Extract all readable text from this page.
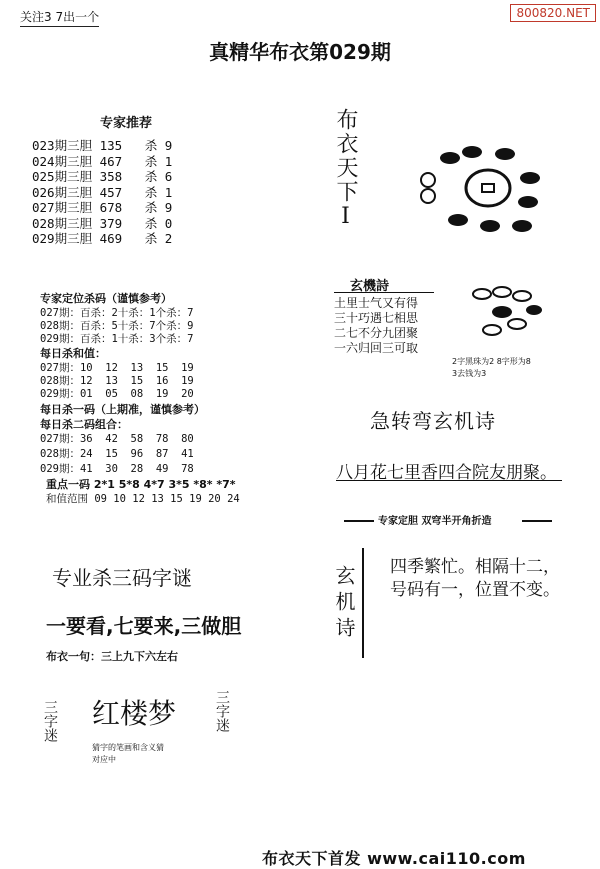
关注3 7出一个	800820.NET
真精华布衣第029期
专家推荐
023期三胆 135   杀 9
024期三胆 467   杀 1
025期三胆 358   杀 6
026期三胆 457   杀 1
027期三胆 678   杀 9
028期三胆 379   杀 0
029期三胆 469   杀 2
专家定位杀码（谨慎参考）
027期：百杀：2十杀：1个杀：7
028期：百杀：5十杀：7个杀：9
029期：百杀：1十杀：3个杀：7
每日杀和值：
027期：10  12  13  15  19
028期：12  13  15  16  19
029期：01  05  08  19  20
每日杀一码（上期准，谨慎参考）
每日杀二码组合：
027期：36  42  58  78  80
028期：24  15  96  87  41
029期：41  30  28  49  78
重点一码 2*1 5*8 4*7 3*5 *8* *7*
和值范围 09 10 12 13 15 19 20 24
专业杀三码字谜
一要看,七要来,三做胆
布衣一句：三上九下六左右
三字迷 红楼梦
猜字的笔画和含义猜
对应中
三字迷
布衣天下I
玄機詩
土里士气又有得
三十巧遇七相思
二七不分九团聚
一六归回三可取
2字黑珠为2 8字形为8
3去钱为3
急转弯玄机诗
八月花七里香四合院友朋聚。
专家定胆 双穹半开角折造
玄机诗 四季繁忙。相隔十二，
号码有一，位置不变。
布衣天下首发 www.cai110.com
